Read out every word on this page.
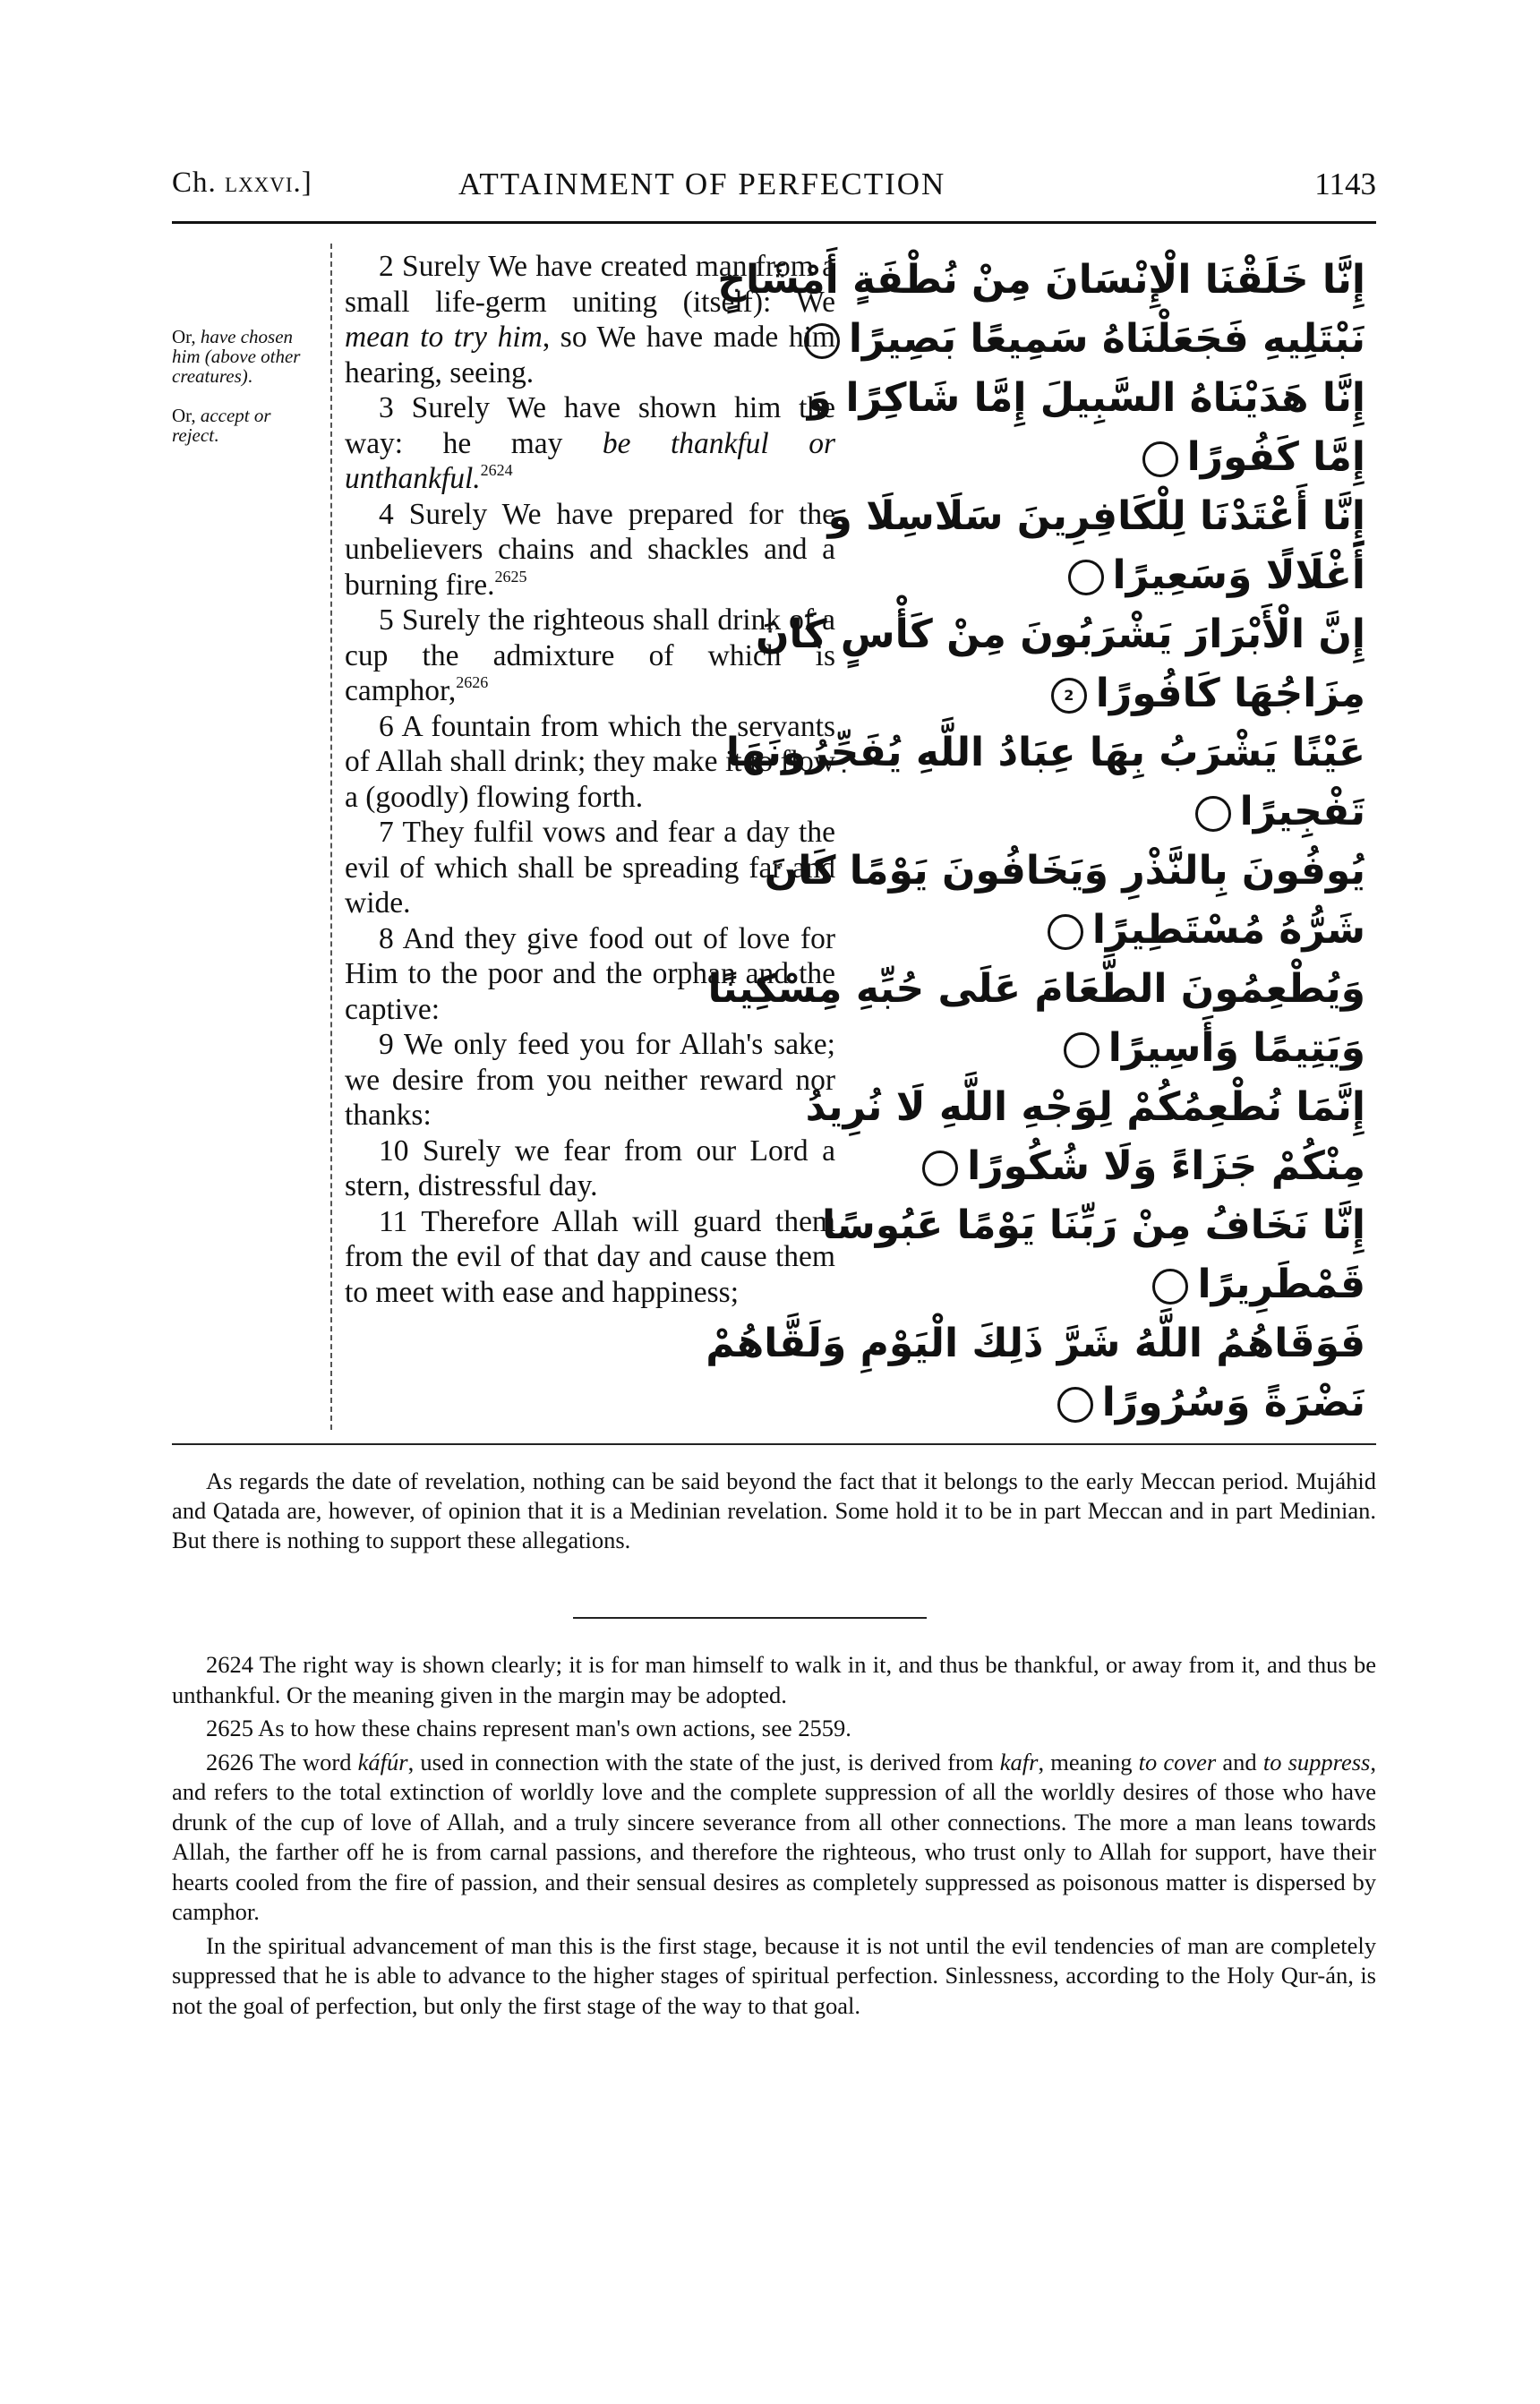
Ch. lxxvi.]	ATTAINMENT OF PERFECTION	1143
Or, have chosen him (above other creatures).
Or, accept or reject.

2 Surely We have created man from a small life-germ uniting (itself): We mean to try him, so We have made him hearing, seeing.

3 Surely We have shown him the way: he may be thankful or unthankful.$^{2624}$

4 Surely We have prepared for the unbelievers chains and shackles and a burning fire.$^{2625}$

5 Surely the righteous shall drink of a cup the admixture of which is camphor,$^{2626}$

6 A fountain from which the servants of Allah shall drink; they make it to flow a (goodly) flowing forth.

7 They fulfil vows and fear a day the evil of which shall be spreading far and wide.

8 And they give food out of love for Him to the poor and the orphan and the captive:

9 We only feed you for Allah's sake; we desire from you neither reward nor thanks:

10 Surely we fear from our Lord a stern, distressful day.

11 Therefore Allah will guard them from the evil of that day and cause them to meet with ease and happiness;

إِنَّا خَلَقْنَا الْإِنْسَانَ مِنْ نُطْفَةٍ أَمْشَاجٍ
نَبْتَلِيهِ فَجَعَلْنَاهُ سَمِيعًا بَصِيرًا
إِنَّا هَدَيْنَاهُ السَّبِيلَ إِمَّا شَاكِرًا وَ
إِمَّا كَفُورًا
إِنَّا أَعْتَدْنَا لِلْكَافِرِينَ سَلَاسِلَا وَ
أَغْلَالًا وَسَعِيرًا
إِنَّ الْأَبْرَارَ يَشْرَبُونَ مِنْ كَأْسٍ كَانَ
مِزَاجُهَا كَافُورًا2
عَيْنًا يَشْرَبُ بِهَا عِبَادُ اللَّهِ يُفَجِّرُونَهَا
تَفْجِيرًا
يُوفُونَ بِالنَّذْرِ وَيَخَافُونَ يَوْمًا كَانَ
شَرُّهُ مُسْتَطِيرًا
وَيُطْعِمُونَ الطَّعَامَ عَلَى حُبِّهِ مِسْكِينًا
وَيَتِيمًا وَأَسِيرًا
إِنَّمَا نُطْعِمُكُمْ لِوَجْهِ اللَّهِ لَا نُرِيدُ
مِنْكُمْ جَزَاءً وَلَا شُكُورًا
إِنَّا نَخَافُ مِنْ رَبِّنَا يَوْمًا عَبُوسًا
قَمْطَرِيرًا
فَوَقَاهُمُ اللَّهُ شَرَّ ذَلِكَ الْيَوْمِ وَلَقَّاهُمْ
نَضْرَةً وَسُرُورًا

As regards the date of revelation, nothing can be said beyond the fact that it belongs to the early Meccan period. Mujáhid and Qatada are, however, of opinion that it is a Medinian revelation. Some hold it to be in part Meccan and in part Medinian. But there is nothing to support these allegations.

2624 The right way is shown clearly; it is for man himself to walk in it, and thus be thankful, or away from it, and thus be unthankful. Or the meaning given in the margin may be adopted.

2625 As to how these chains represent man's own actions, see 2559.

2626 The word káfúr, used in connection with the state of the just, is derived from kafr, meaning to cover and to suppress, and refers to the total extinction of worldly love and the complete suppression of all the worldly desires of those who have drunk of the cup of love of Allah, and a truly sincere severance from all other connections. The more a man leans towards Allah, the farther off he is from carnal passions, and therefore the righteous, who trust only to Allah for support, have their hearts cooled from the fire of passion, and their sensual desires as completely suppressed as poisonous matter is dispersed by camphor.

In the spiritual advancement of man this is the first stage, because it is not until the evil tendencies of man are completely suppressed that he is able to advance to the higher stages of spiritual perfection. Sinlessness, according to the Holy Qur-án, is not the goal of perfection, but only the first stage of the way to that goal.
